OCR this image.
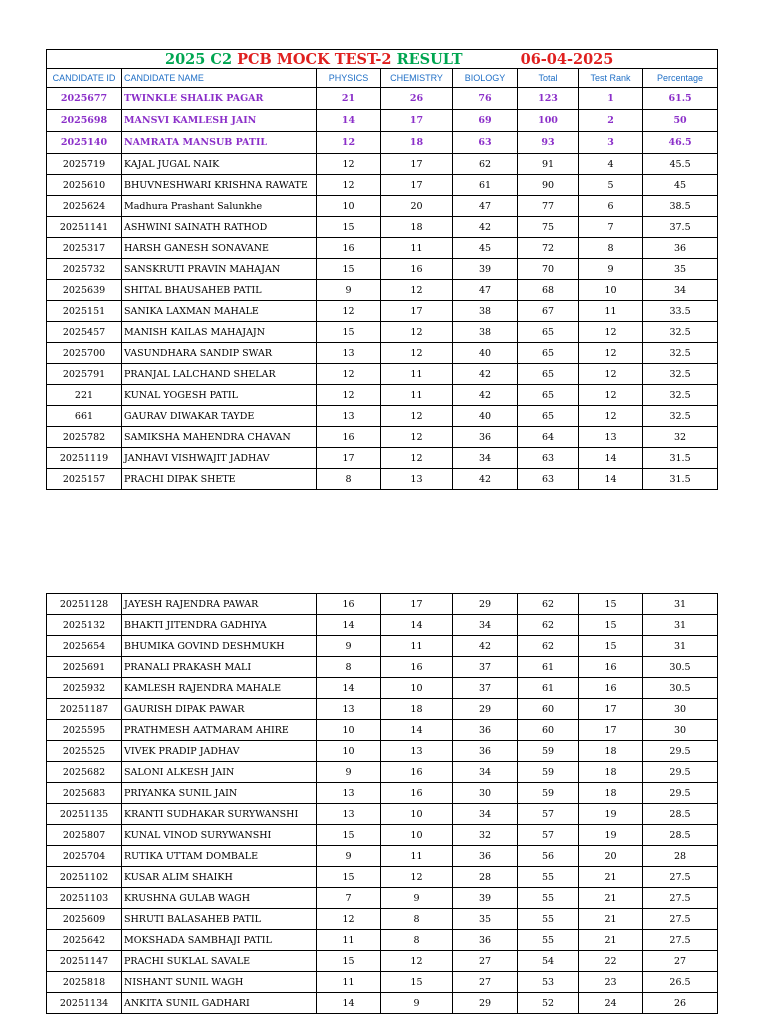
2025 C2 PCB MOCK TEST-2 RESULT 06-04-2025							
CANDIDATE ID	CANDIDATE NAME	PHYSICS	CHEMISTRY	BIOLOGY	Total	Test Rank	Percentage
2025677	TWINKLE SHALIK PAGAR	21	26	76	123	1	61.5
2025698	MANSVI KAMLESH JAIN	14	17	69	100	2	50
2025140	NAMRATA MANSUB PATIL	12	18	63	93	3	46.5
2025719	KAJAL JUGAL NAIK	12	17	62	91	4	45.5
2025610	BHUVNESHWARI KRISHNA RAWATE	12	17	61	90	5	45
2025624	Madhura Prashant Salunkhe	10	20	47	77	6	38.5
20251141	ASHWINI SAINATH RATHOD	15	18	42	75	7	37.5
2025317	HARSH GANESH SONAVANE	16	11	45	72	8	36
2025732	SANSKRUTI PRAVIN MAHAJAN	15	16	39	70	9	35
2025639	SHITAL BHAUSAHEB PATIL	9	12	47	68	10	34
2025151	SANIKA LAXMAN MAHALE	12	17	38	67	11	33.5
2025457	MANISH KAILAS MAHAJAJN	15	12	38	65	12	32.5
2025700	VASUNDHARA SANDIP SWAR	13	12	40	65	12	32.5
2025791	PRANJAL LALCHAND SHELAR	12	11	42	65	12	32.5
221	KUNAL YOGESH PATIL	12	11	42	65	12	32.5
661	GAURAV DIWAKAR TAYDE	13	12	40	65	12	32.5
2025782	SAMIKSHA MAHENDRA CHAVAN	16	12	36	64	13	32
20251119	JANHAVI VISHWAJIT JADHAV	17	12	34	63	14	31.5
2025157	PRACHI DIPAK SHETE	8	13	42	63	14	31.5
20251128	JAYESH RAJENDRA PAWAR	16	17	29	62	15	31
2025132	BHAKTI JITENDRA GADHIYA	14	14	34	62	15	31
2025654	BHUMIKA GOVIND DESHMUKH	9	11	42	62	15	31
2025691	PRANALI PRAKASH MALI	8	16	37	61	16	30.5
2025932	KAMLESH RAJENDRA MAHALE	14	10	37	61	16	30.5
20251187	GAURISH DIPAK PAWAR	13	18	29	60	17	30
2025595	PRATHMESH AATMARAM AHIRE	10	14	36	60	17	30
2025525	VIVEK PRADIP JADHAV	10	13	36	59	18	29.5
2025682	SALONI ALKESH JAIN	9	16	34	59	18	29.5
2025683	PRIYANKA SUNIL JAIN	13	16	30	59	18	29.5
20251135	KRANTI SUDHAKAR SURYWANSHI	13	10	34	57	19	28.5
2025807	KUNAL VINOD SURYWANSHI	15	10	32	57	19	28.5
2025704	RUTIKA UTTAM DOMBALE	9	11	36	56	20	28
20251102	KUSAR ALIM SHAIKH	15	12	28	55	21	27.5
20251103	KRUSHNA GULAB WAGH	7	9	39	55	21	27.5
2025609	SHRUTI BALASAHEB PATIL	12	8	35	55	21	27.5
2025642	MOKSHADA SAMBHAJI PATIL	11	8	36	55	21	27.5
20251147	PRACHI SUKLAL SAVALE	15	12	27	54	22	27
2025818	NISHANT SUNIL WAGH	11	15	27	53	23	26.5
20251134	ANKITA SUNIL GADHARI	14	9	29	52	24	26
